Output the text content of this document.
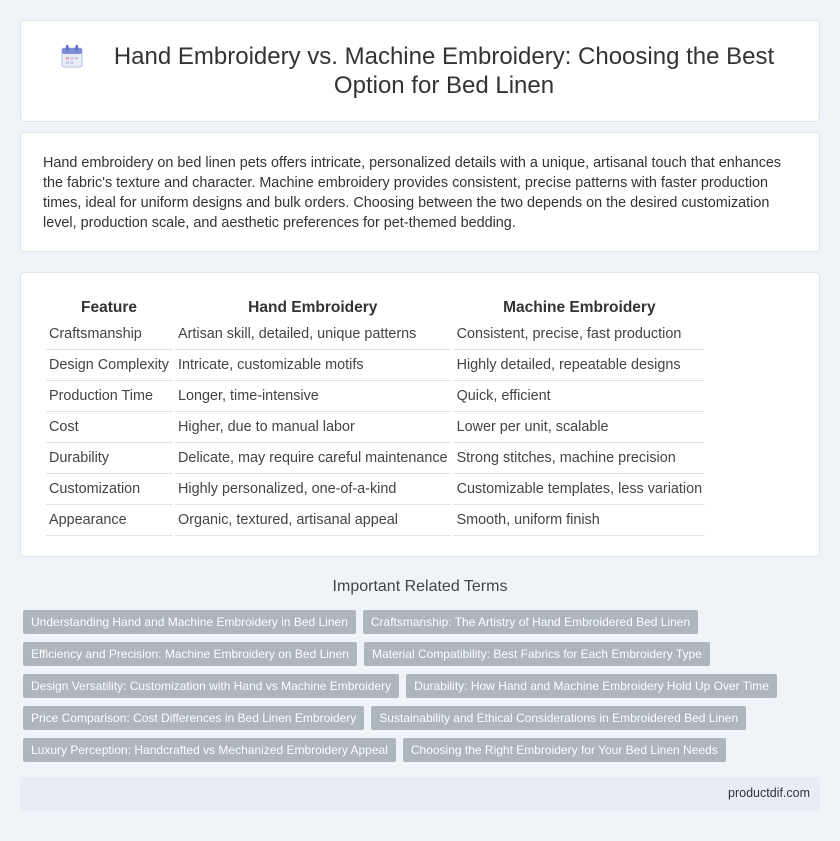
Hand Embroidery vs. Machine Embroidery: Choosing the Best Option for Bed Linen

Hand embroidery on bed linen pets offers intricate, personalized details with a unique, artisanal touch that enhances the fabric's texture and character. Machine embroidery provides consistent, precise patterns with faster production times, ideal for uniform designs and bulk orders. Choosing between the two depends on the desired customization level, production scale, and aesthetic preferences for pet-themed bedding.

Feature	Hand Embroidery	Machine Embroidery
Craftsmanship	Artisan skill, detailed, unique patterns	Consistent, precise, fast production
Design Complexity	Intricate, customizable motifs	Highly detailed, repeatable designs
Production Time	Longer, time-intensive	Quick, efficient
Cost	Higher, due to manual labor	Lower per unit, scalable
Durability	Delicate, may require careful maintenance	Strong stitches, machine precision
Customization	Highly personalized, one-of-a-kind	Customizable templates, less variation
Appearance	Organic, textured, artisanal appeal	Smooth, uniform finish
Important Related Terms
Understanding Hand and Machine Embroidery in Bed Linen	Craftsmanship: The Artistry of Hand Embroidered Bed Linen
Efficiency and Precision: Machine Embroidery on Bed Linen	Material Compatibility: Best Fabrics for Each Embroidery Type
Design Versatility: Customization with Hand vs Machine Embroidery	Durability: How Hand and Machine Embroidery Hold Up Over Time
Price Comparison: Cost Differences in Bed Linen Embroidery	Sustainability and Ethical Considerations in Embroidered Bed Linen
Luxury Perception: Handcrafted vs Mechanized Embroidery Appeal	Choosing the Right Embroidery for Your Bed Linen Needs
productdif.com
